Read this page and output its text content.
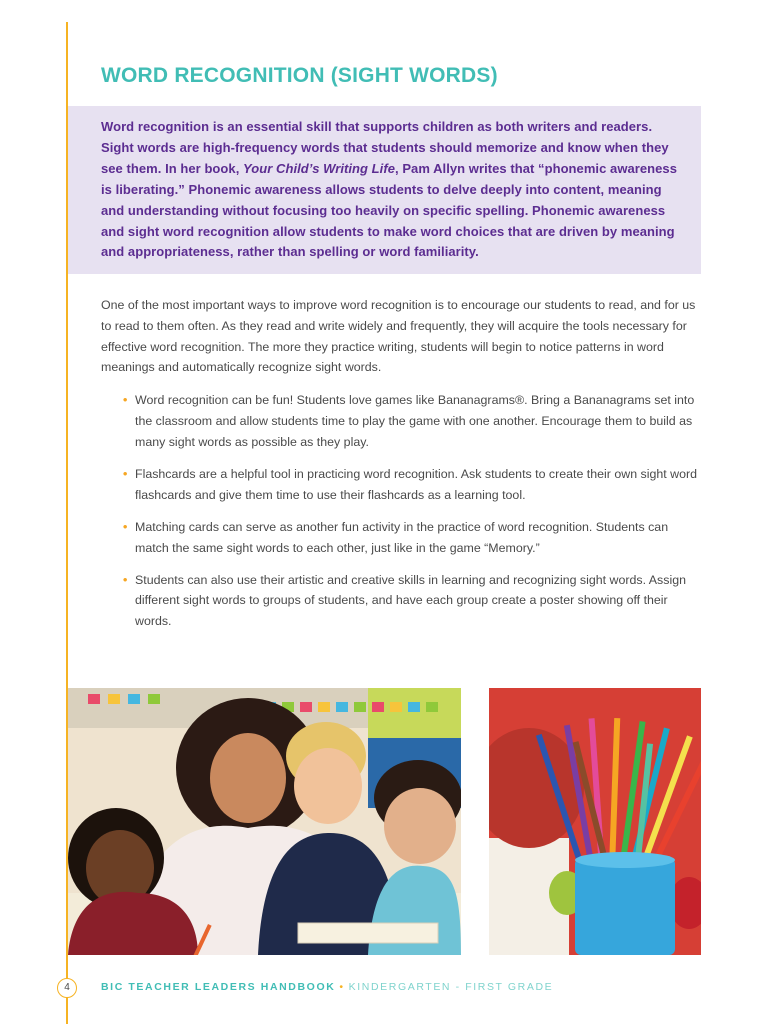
WORD RECOGNITION (SIGHT WORDS)

Word recognition is an essential skill that supports children as both writers and readers. Sight words are high-frequency words that students should memorize and know when they see them. In her book, Your Child’s Writing Life, Pam Allyn writes that “phonemic awareness is liberating.” Phonemic awareness allows students to delve deeply into content, meaning and understanding without focusing too heavily on specific spelling. Phonemic awareness and sight word recognition allow students to make word choices that are driven by meaning and appropriateness, rather than spelling or word familiarity.

One of the most important ways to improve word recognition is to encourage our students to read, and for us to read to them often. As they read and write widely and frequently, they will acquire the tools necessary for effective word recognition. The more they practice writing, students will begin to notice patterns in word meanings and automatically recognize sight words.

• Word recognition can be fun! Students love games like Bananagrams®. Bring a Bananagrams set into the classroom and allow students time to play the game with one another. Encourage them to build as many sight words as possible as they play.
• Flashcards are a helpful tool in practicing word recognition. Ask students to create their own sight word flashcards and give them time to use their flashcards as a learning tool.
• Matching cards can serve as another fun activity in the practice of word recognition. Students can match the same sight words to each other, just like in the game “Memory.”
• Students can also use their artistic and creative skills in learning and recognizing sight words. Assign different sight words to groups of students, and have each group create a poster showing off their words.
4	BIC TEACHER LEADERS HANDBOOK • KINDERGARTEN - FIRST GRADE
